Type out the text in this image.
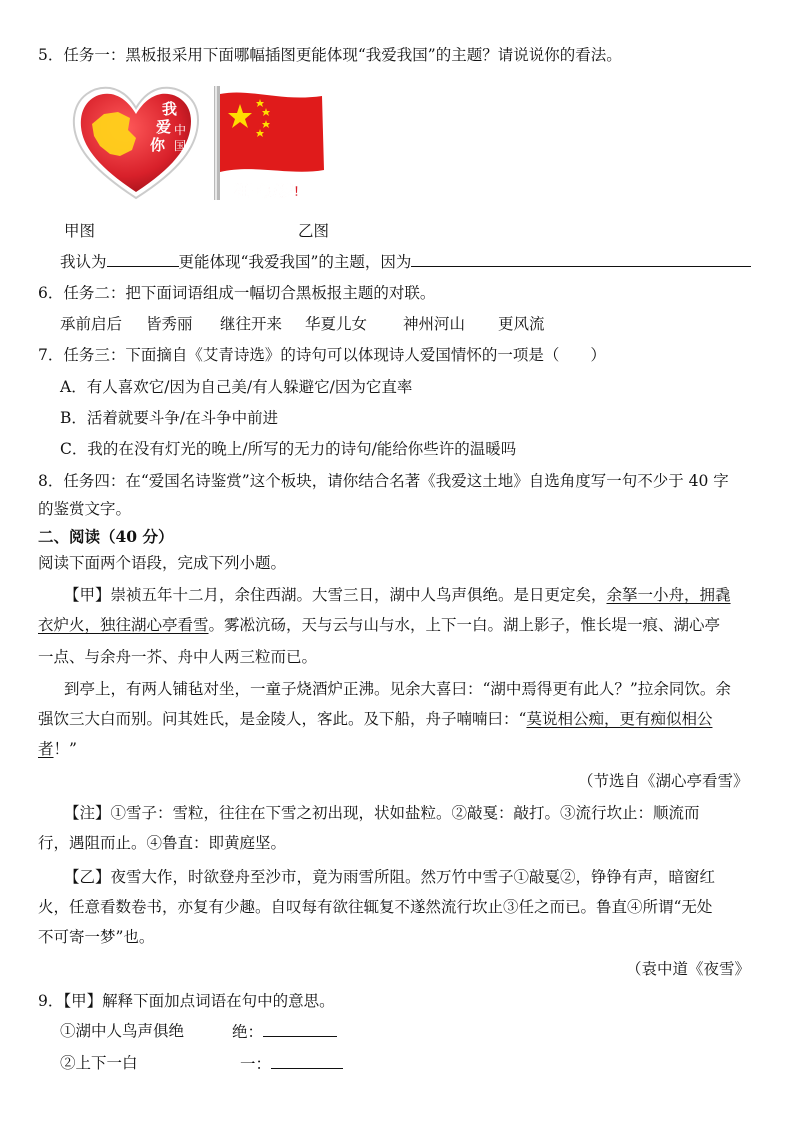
5．任务一：黑板报采用下面哪幅插图更能体现“我爱我国”的主题？请说说你的看法。
我
爱
你
中
国
祖国万岁!
甲图	乙图
我认为	更能体现“我爱我国”的主题，因为
6．任务二：把下面词语组成一幅切合黑板报主题的对联。
承前启后 皆秀丽 继往开来 华夏儿女 神州河山 更风流
7．任务三：下面摘自《艾青诗选》的诗句可以体现诗人爱国情怀的一项是（　　）
A．有人喜欢它/因为自己美/有人躲避它/因为它直率
B．活着就要斗争/在斗争中前进
C．我的在没有灯光的晚上/所写的无力的诗句/能给你些许的温暖吗
8．任务四：在“爱国名诗鉴赏”这个板块，请你结合名著《我爱这土地》自选角度写一句不少于 40 字
的鉴赏文字。
二、阅读（40 分）
阅读下面两个语段，完成下列小题。
【甲】崇祯五年十二月，余住西湖。大雪三日，湖中人鸟声俱绝。是日更定矣，余拏一小舟，拥毳
衣炉火，独往湖心亭看雪。雾凇沆砀，天与云与山与水，上下一白。湖上影子，惟长堤一痕、湖心亭
一点、与余舟一芥、舟中人两三粒而已。
到亭上，有两人铺毡对坐，一童子烧酒炉正沸。见余大喜曰：“湖中焉得更有此人？”拉余同饮。余
强饮三大白而别。问其姓氏，是金陵人，客此。及下船，舟子喃喃曰：“莫说相公痴，更有痴似相公
者！”
（节选自《湖心亭看雪》
【注】①雪子：雪粒，往往在下雪之初出现，状如盐粒。②敲戛：敲打。③流行坎止：顺流而
行，遇阻而止。④鲁直：即黄庭坚。
【乙】夜雪大作，时欲登舟至沙市，竟为雨雪所阻。然万竹中雪子①敲戛②，铮铮有声，暗窗红
火，任意看数卷书，亦复有少趣。自叹每有欲往辄复不遂然流行坎止③任之而已。鲁直④所谓“无处
不可寄一梦”也。
（袁中道《夜雪》
9．【甲】解释下面加点词语在句中的意思。
①湖中人鸟声俱绝	绝：
②上下一白	一：
